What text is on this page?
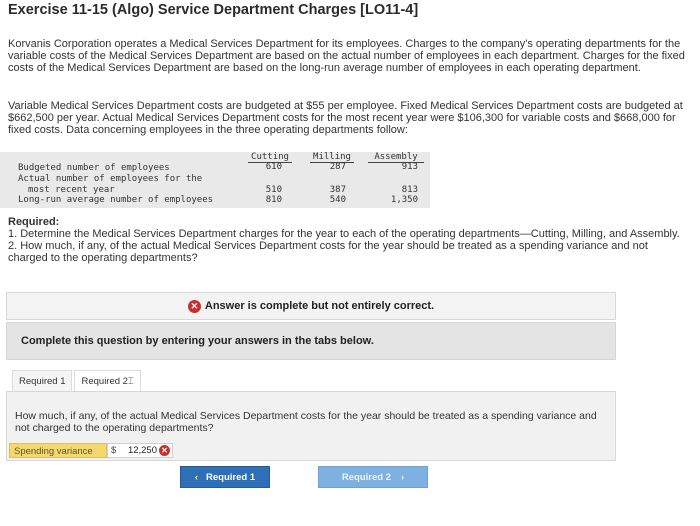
Exercise 11-15 (Algo) Service Department Charges [LO11-4]

Korvanis Corporation operates a Medical Services Department for its employees. Charges to the company's operating departments for the variable costs of the Medical Services Department are based on the actual number of employees in each department. Charges for the fixed costs of the Medical Services Department are based on the long-run average number of employees in each operating department.

Variable Medical Services Department costs are budgeted at $55 per employee. Fixed Medical Services Department costs are budgeted at $662,500 per year. Actual Medical Services Department costs for the most recent year were $106,300 for variable costs and $668,000 for fixed costs. Data concerning employees in the three operating departments follow:

Cutting	Milling	Assembly
Budgeted number of employees	610	287	913
Actual number of employees for the
most recent year	510	387	813
Long-run average number of employees	810	540	1,350
Required:
1. Determine the Medical Services Department charges for the year to each of the operating departments—Cutting, Milling, and Assembly.
2. How much, if any, of the actual Medical Services Department costs for the year should be treated as a spending variance and not charged to the operating departments?
✕ Answer is complete but not entirely correct.
Complete this question by entering your answers in the tabs below.
Required 1	Required 2⌶
How much, if any, of the actual Medical Services Department costs for the year should be treated as a spending variance and not charged to the operating departments?
Spending variance	$ 12,250 ✕
‹ Required 1	Required 2 ›
